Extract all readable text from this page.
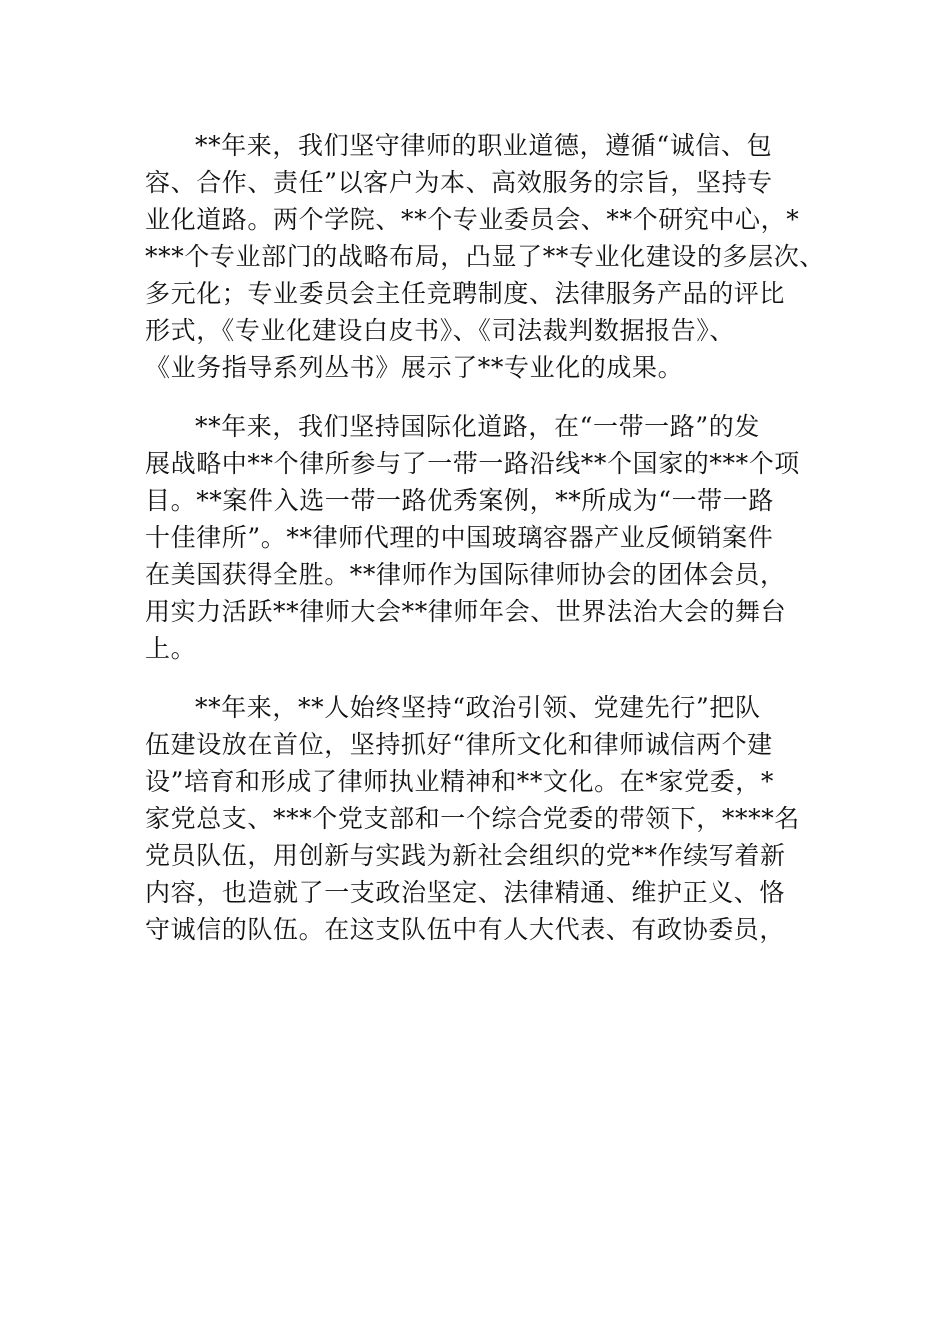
**年来，我们坚守律师的职业道德，遵循“诚信、包
容、合作、责任”以客户为本、高效服务的宗旨，坚持专
业化道路。两个学院、**个专业委员会、**个研究中心，*
***个专业部门的战略布局，凸显了**专业化建设的多层次、
多元化；专业委员会主任竞聘制度、法律服务产品的评比
形式，《专业化建设白皮书》、《司法裁判数据报告》、
《业务指导系列丛书》展示了**专业化的成果。
**年来，我们坚持国际化道路，在“一带一路”的发
展战略中**个律所参与了一带一路沿线**个国家的***个项
目。**案件入选一带一路优秀案例，**所成为“一带一路
十佳律所”。**律师代理的中国玻璃容器产业反倾销案件
在美国获得全胜。**律师作为国际律师协会的团体会员，
用实力活跃**律师大会**律师年会、世界法治大会的舞台
上。
**年来，**人始终坚持“政治引领、党建先行”把队
伍建设放在首位，坚持抓好“律所文化和律师诚信两个建
设”培育和形成了律师执业精神和**文化。在*家党委，*
家党总支、***个党支部和一个综合党委的带领下，****名
党员队伍，用创新与实践为新社会组织的党**作续写着新
内容，也造就了一支政治坚定、法律精通、维护正义、恪
守诚信的队伍。在这支队伍中有人大代表、有政协委员，
